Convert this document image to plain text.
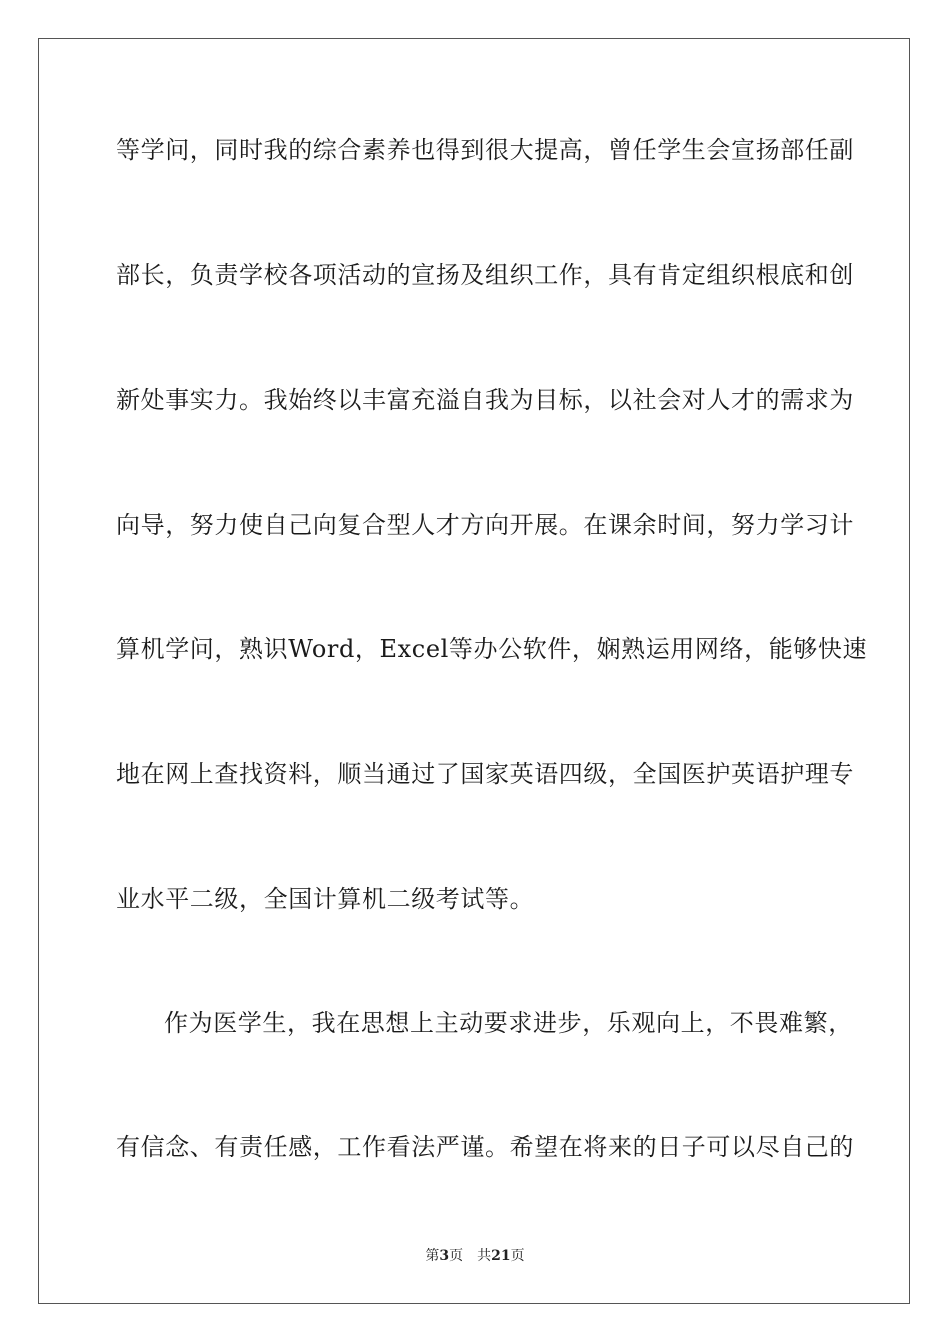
等学问，同时我的综合素养也得到很大提高，曾任学生会宣扬部任副
部长，负责学校各项活动的宣扬及组织工作，具有肯定组织根底和创
新处事实力。我始终以丰富充溢自我为目标，以社会对人才的需求为
向导，努力使自己向复合型人才方向开展。在课余时间，努力学习计
算机学问，熟识Word，Excel等办公软件，娴熟运用网络，能够快速
地在网上查找资料，顺当通过了国家英语四级，全国医护英语护理专
业水平二级，全国计算机二级考试等。
作为医学生，我在思想上主动要求进步，乐观向上，不畏难繁，
有信念、有责任感，工作看法严谨。希望在将来的日子可以尽自己的
第3页 共21页
